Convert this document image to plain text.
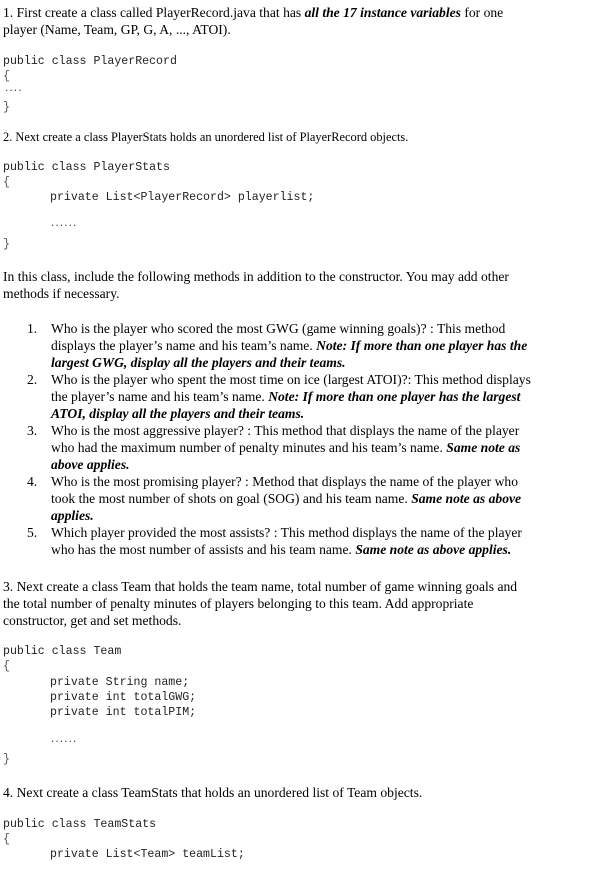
1. First create a class called PlayerRecord.java that has all the 17 instance variables for one
player (Name, Team, GP, G, A, ..., ATOI).
public class PlayerRecord
{
....
}
2. Next create a class PlayerStats holds an unordered list of PlayerRecord objects.
public class PlayerStats
{
private List<PlayerRecord> playerlist;
......
}
In this class, include the following methods in addition to the constructor. You may add other
methods if necessary.
1. Who is the player who scored the most GWG (game winning goals)? : This method
displays the player’s name and his team’s name. Note: If more than one player has the
largest GWG, display all the players and their teams.
2. Who is the player who spent the most time on ice (largest ATOI)?: This method displays
the player’s name and his team’s name. Note: If more than one player has the largest
ATOI, display all the players and their teams.
3. Who is the most aggressive player? : This method that displays the name of the player
who had the maximum number of penalty minutes and his team’s name. Same note as
above applies.
4. Who is the most promising player? : Method that displays the name of the player who
took the most number of shots on goal (SOG) and his team name. Same note as above
applies.
5. Which player provided the most assists? : This method displays the name of the player
who has the most number of assists and his team name. Same note as above applies.
3. Next create a class Team that holds the team name, total number of game winning goals and
the total number of penalty minutes of players belonging to this team. Add appropriate
constructor, get and set methods.
public class Team
{
private String name;
private int totalGWG;
private int totalPIM;
......
}
4. Next create a class TeamStats that holds an unordered list of Team objects.
public class TeamStats
{
private List<Team> teamList;
